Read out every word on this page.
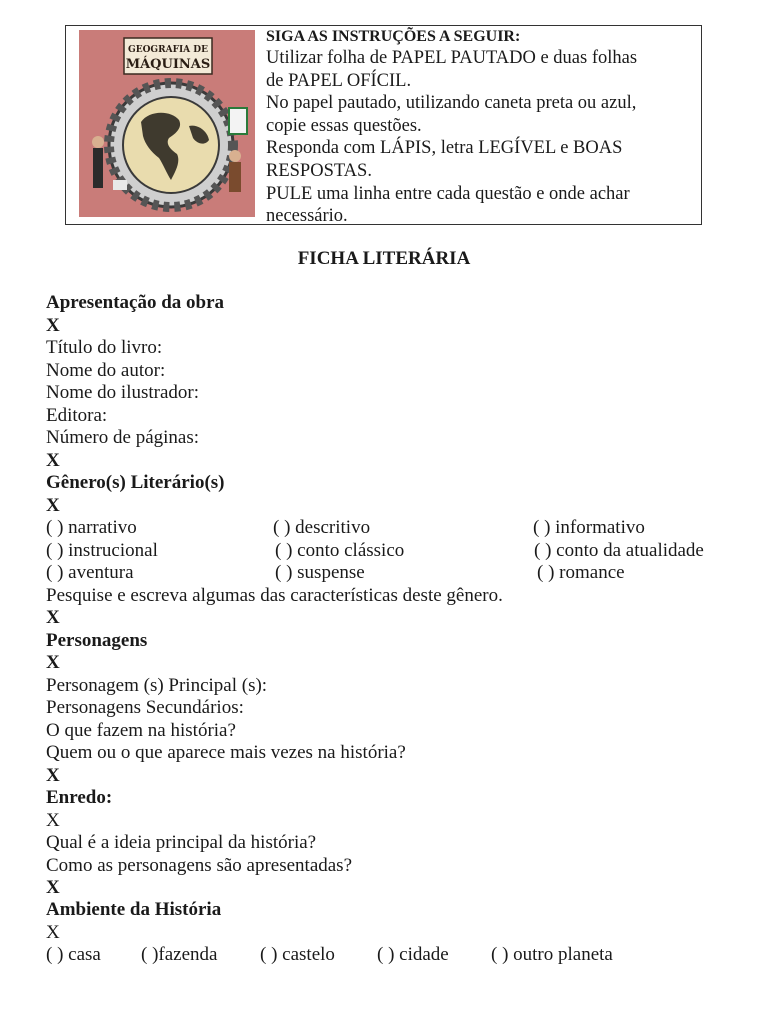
GEOGRAFIA DE
MÁQUINAS
SIGA AS INSTRUÇÕES A SEGUIR:
Utilizar folha de PAPEL PAUTADO e duas folhas
de PAPEL OFÍCIL.
No papel pautado, utilizando caneta preta ou azul,
copie essas questões.
Responda com LÁPIS, letra LEGÍVEL e BOAS
RESPOSTAS.
PULE uma linha entre cada questão e onde achar
necessário.
FICHA LITERÁRIA
Apresentação da obra
X
Título do livro:
Nome do autor:
Nome do ilustrador:
Editora:
Número de páginas:
X
Gênero(s) Literário(s)
X
( ) narrativo	( ) descritivo	( ) informativo
( ) instrucional	( ) conto clássico	( ) conto da atualidade
( ) aventura	( ) suspense	( ) romance
Pesquise e escreva algumas das características deste gênero.
X
Personagens
X
Personagem (s) Principal (s):
Personagens Secundários:
O que fazem na história?
Quem ou o que aparece mais vezes na história?
X
Enredo:
X
Qual é a ideia principal da história?
Como as personagens são apresentadas?
X
Ambiente da História
X
( ) casa ( )fazenda ( ) castelo ( ) cidade ( ) outro planeta
